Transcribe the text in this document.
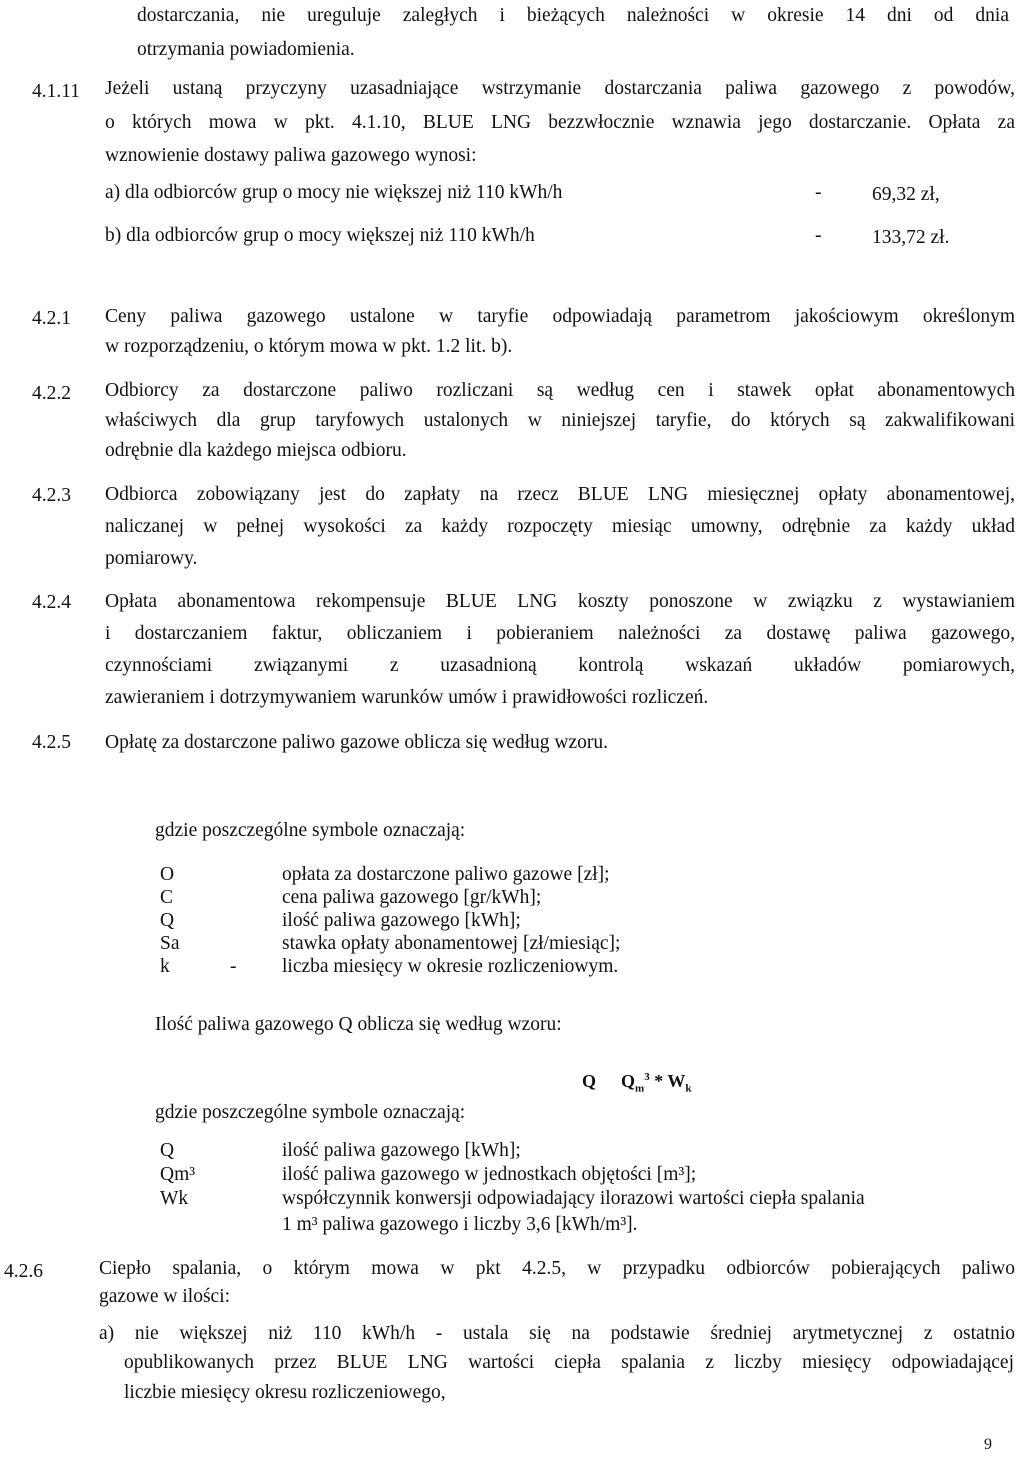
dostarczania, nie ureguluje zaległych i bieżących należności w okresie 14 dni od dnia
otrzymania powiadomienia.
4.1.11 Jeżeli ustaną przyczyny uzasadniające wstrzymanie dostarczania paliwa gazowego z powodów,
o których mowa w pkt. 4.1.10, BLUE LNG bezzwłocznie wznawia jego dostarczanie. Opłata za
wznowienie dostawy paliwa gazowego wynosi:
a) dla odbiorców grup o mocy nie większej niż 110 kWh/h	-	69,32 zł,
b) dla odbiorców grup o mocy większej niż 110 kWh/h	-	133,72 zł.
4.2.1 Ceny paliwa gazowego ustalone w taryfie odpowiadają parametrom jakościowym określonym
w rozporządzeniu, o którym mowa w pkt. 1.2 lit. b).
4.2.2 Odbiorcy za dostarczone paliwo rozliczani są według cen i stawek opłat abonamentowych
właściwych dla grup taryfowych ustalonych w niniejszej taryfie, do których są zakwalifikowani
odrębnie dla każdego miejsca odbioru.
4.2.3 Odbiorca zobowiązany jest do zapłaty na rzecz BLUE LNG miesięcznej opłaty abonamentowej,
naliczanej w pełnej wysokości za każdy rozpoczęty miesiąc umowny, odrębnie za każdy układ
pomiarowy.
4.2.4 Opłata abonamentowa rekompensuje BLUE LNG koszty ponoszone w związku z wystawianiem
i dostarczaniem faktur, obliczaniem i pobieraniem należności za dostawę paliwa gazowego,
czynnościami związanymi z uzasadnioną kontrolą wskazań układów pomiarowych,
zawieraniem i dotrzymywaniem warunków umów i prawidłowości rozliczeń.
4.2.5 Opłatę za dostarczone paliwo gazowe oblicza się według wzoru.
gdzie poszczególne symbole oznaczają:
O	opłata za dostarczone paliwo gazowe [zł];
C	cena paliwa gazowego [gr/kWh];
Q	ilość paliwa gazowego [kWh];
Sa	stawka opłaty abonamentowej [zł/miesiąc];
k	- liczba miesięcy w okresie rozliczeniowym.
Ilość paliwa gazowego Q oblicza się według wzoru:
Q $Q_m^3 * W_k$
gdzie poszczególne symbole oznaczają:
Q	ilość paliwa gazowego [kWh];
Qm³	ilość paliwa gazowego w jednostkach objętości [m³];
Wk	współczynnik konwersji odpowiadający ilorazowi wartości ciepła spalania
1 m³ paliwa gazowego i liczby 3,6 [kWh/m³].
4.2.6	Ciepło spalania, o którym mowa w pkt 4.2.5, w przypadku odbiorców pobierających paliwo
gazowe w ilości:
a) nie większej niż 110 kWh/h - ustala się na podstawie średniej arytmetycznej z ostatnio
opublikowanych przez BLUE LNG wartości ciepła spalania z liczby miesięcy odpowiadającej
liczbie miesięcy okresu rozliczeniowego,
9
